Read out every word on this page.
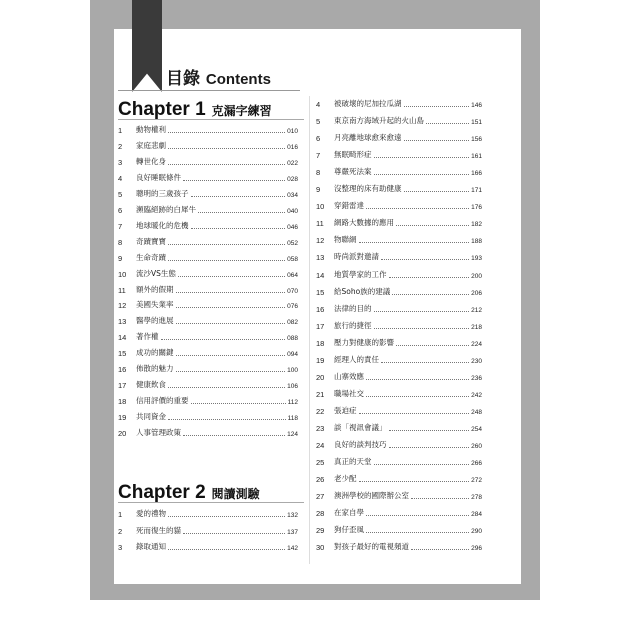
目錄 Contents
Chapter 1 克漏字練習
Chapter 2 閱讀測驗
1	動物權利	010
2	家庭悲劇	016
3	轉世化身	022
4	良好睡眠條件	028
5	聰明的三歲孩子	034
6	瀕臨絕跡的白犀牛	040
7	地球暖化的危機	046
8	奇蹟寶寶	052
9	生命奇蹟	058
10	流沙VS生態	064
11	額外的假期	070
12	美國失業率	076
13	醫學的進展	082
14	著作權	088
15	成功的關鍵	094
16	佈散的魅力	100
17	健康飲食	106
18	信用評價的重要	112
19	共同資金	118
20	人事管理政策	124
1	愛的禮物	132
2	死而復生的貓	137
3	錄取通知	142
4	被破壞的尼加拉瓜湖	146
5	東京南方海域升起的火山島	151
6	月亮離地球愈來愈遠	156
7	無眠畸形症	161
8	尊嚴死法案	166
9	沒整理的床有助健康	171
10	穿錯雷達	176
11	網路大數據的應用	182
12	物聯網	188
13	時尚派對邀請	193
14	地質學家的工作	200
15	給Soho族的建議	206
16	法律的目的	212
17	旅行的捷徑	218
18	壓力對健康的影響	224
19	經理人的責任	230
20	山寨效應	236
21	職場社交	242
22	張迫症	248
23	談「視訊會議」	254
24	良好的談判技巧	260
25	真正的天堂	266
26	老少配	272
27	澳洲學校的國際辦公室	278
28	在家自學	284
29	狗仔歪風	290
30	對孩子最好的電視頻道	296
